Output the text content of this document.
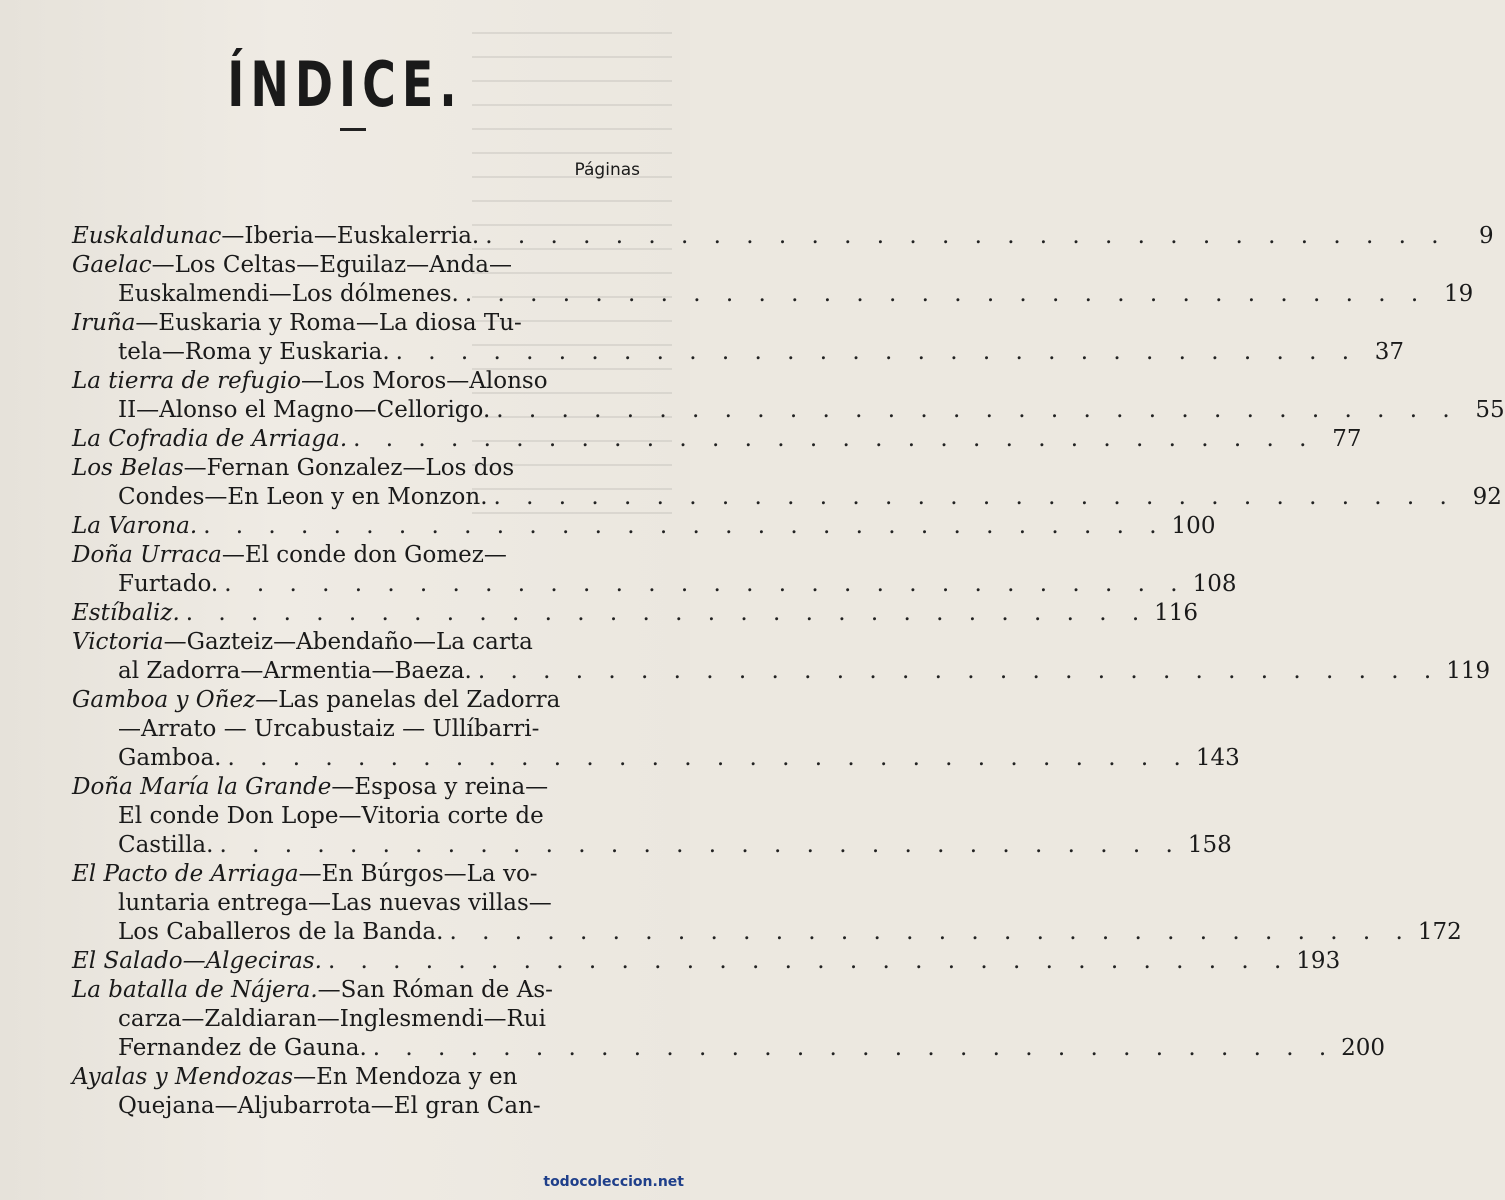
ÍNDICE.
Páginas
Euskaldunac —Iberia—Euskalerria. . . . . . . . . . . . . . . . . . . . . . . . . . . . . . .	9
Gaelac —Los Celtas—Eguilaz—Anda—
Euskalmendi—Los dólmenes. . . . . . . . . . . . . . . . . . . . . . . . . . . . . . . 19
Iruña —Euskaria y Roma—La diosa Tu-
tela—Roma y Euskaria. . . . . . . . . . . . . . . . . . . . . . . . . . . . . . . 37
La tierra de refugio —Los Moros—Alonso
II—Alonso el Magno—Cellorigo. . . . . . . . . . . . . . . . . . . . . . . . . . . . . . . 55
La Cofradia de Arriaga. . . . . . . . . . . . . . . . . . . . . . . . . . . . . . . 77
Los Belas —Fernan Gonzalez—Los dos
Condes—En Leon y en Monzon. . . . . . . . . . . . . . . . . . . . . . . . . . . . . . . 92
La Varona. . . . . . . . . . . . . . . . . . . . . . . . . . . . . . . 100
Doña Urraca —El conde don Gomez—
Furtado. . . . . . . . . . . . . . . . . . . . . . . . . . . . . . . 108
Estíbaliz. . . . . . . . . . . . . . . . . . . . . . . . . . . . . . . 116
Victoria —Gazteiz—Abendaño—La carta
al Zadorra—Armentia—Baeza. . . . . . . . . . . . . . . . . . . . . . . . . . . . . . . 119
Gamboa y Oñez —Las panelas del Zadorra
—Arrato — Urcabustaiz — Ullíbarri-
Gamboa. . . . . . . . . . . . . . . . . . . . . . . . . . . . . . . 143
Doña María la Grande —Esposa y reina—
El conde Don Lope—Vitoria corte de
Castilla. . . . . . . . . . . . . . . . . . . . . . . . . . . . . . . 158
El Pacto de Arriaga —En Búrgos—La vo-
luntaria entrega—Las nuevas villas—
Los Caballeros de la Banda. . . . . . . . . . . . . . . . . . . . . . . . . . . . . . . 172
El Salado—Algeciras. . . . . . . . . . . . . . . . . . . . . . . . . . . . . . . 193
La batalla de Nájera. —San Róman de As-
carza—Zaldiaran—Inglesmendi—Rui
Fernandez de Gauna. . . . . . . . . . . . . . . . . . . . . . . . . . . . . . . 200
Ayalas y Mendozas —En Mendoza y en
Quejana—Aljubarrota—El gran Can-
todocoleccion.net
